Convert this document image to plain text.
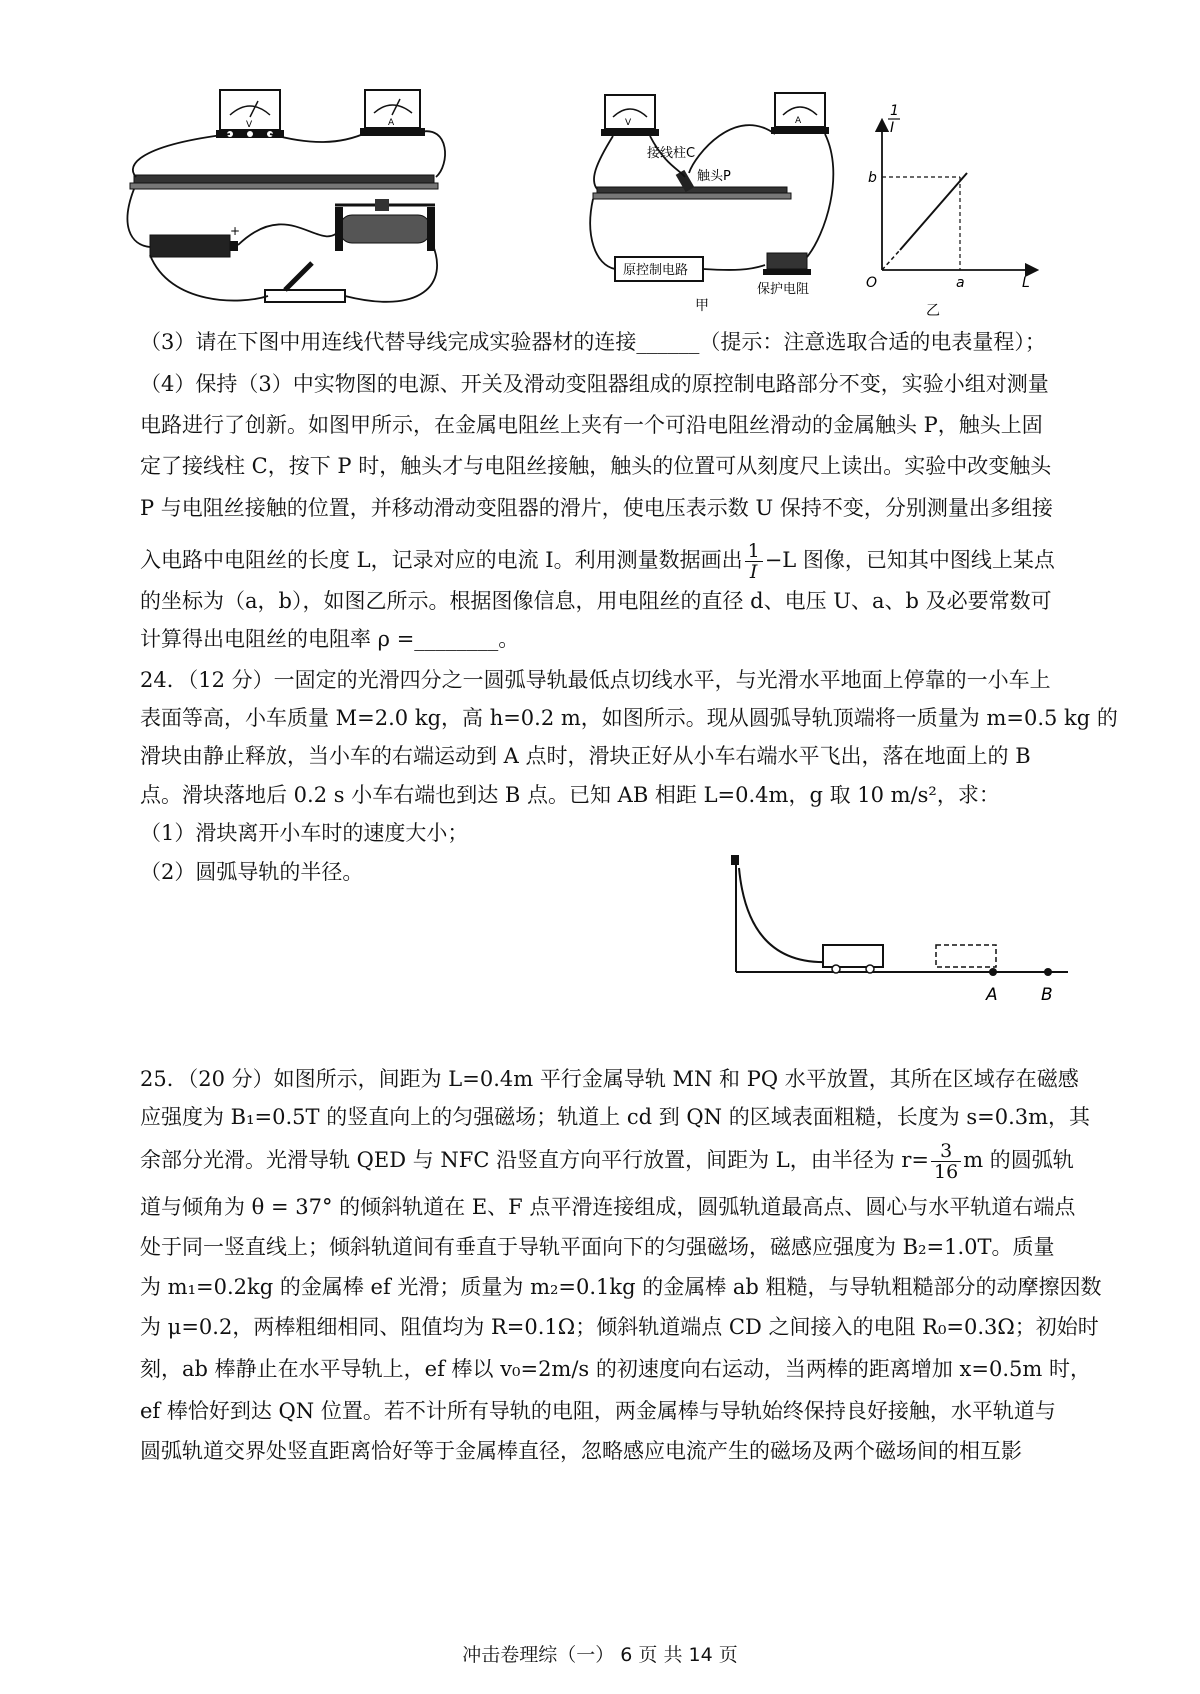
V	A
+
V	A
接线柱C
触头P
原控制电路
保护电阻
甲
1
I
b
O	a	L
乙
（3）请在下图中用连线代替导线完成实验器材的连接______（提示：注意选取合适的电表量程）；
（4）保持（3）中实物图的电源、开关及滑动变阻器组成的原控制电路部分不变，实验小组对测量
电路进行了创新。如图甲所示，在金属电阻丝上夹有一个可沿电阻丝滑动的金属触头 P，触头上固
定了接线柱 C，按下 P 时，触头才与电阻丝接触，触头的位置可从刻度尺上读出。实验中改变触头
P 与电阻丝接触的位置，并移动滑动变阻器的滑片，使电压表示数 U 保持不变，分别测量出多组接
入电路中电阻丝的长度 L，记录对应的电流 I。利用测量数据画出 $\frac{1}{I} -L$ 图像，已知其中图线上某点
的坐标为（a，b），如图乙所示。根据图像信息，用电阻丝的直径 d、电压 U、a、b 及必要常数可
计算得出电阻丝的电阻率 ρ =________。
24．（12 分）一固定的光滑四分之一圆弧导轨最低点切线水平，与光滑水平地面上停靠的一小车上
表面等高，小车质量 M=2.0 kg，高 h=0.2 m，如图所示。现从圆弧导轨顶端将一质量为 m=0.5 kg 的
滑块由静止释放，当小车的右端运动到 A 点时，滑块正好从小车右端水平飞出，落在地面上的 B
点。滑块落地后 0.2 s 小车右端也到达 B 点。已知 AB 相距 L=0.4m，g 取 10 m/s²，求：
（1）滑块离开小车时的速度大小；
（2）圆弧导轨的半径。
A	B
25．（20 分）如图所示，间距为 L=0.4m 平行金属导轨 MN 和 PQ 水平放置，其所在区域存在磁感
应强度为 B₁=0.5T 的竖直向上的匀强磁场；轨道上 cd 到 QN 的区域表面粗糙，长度为 s=0.3m，其
余部分光滑。光滑导轨 QED 与 NFC 沿竖直方向平行放置，间距为 L，由半径为 $r= \frac{3}{16}$ m 的圆弧轨
道与倾角为 θ = 37° 的倾斜轨道在 E、F 点平滑连接组成，圆弧轨道最高点、圆心与水平轨道右端点
处于同一竖直线上；倾斜轨道间有垂直于导轨平面向下的匀强磁场，磁感应强度为 B₂=1.0T。质量
为 m₁=0.2kg 的金属棒 ef 光滑；质量为 m₂=0.1kg 的金属棒 ab 粗糙，与导轨粗糙部分的动摩擦因数
为 μ=0.2，两棒粗细相同、阻值均为 R=0.1Ω；倾斜轨道端点 CD 之间接入的电阻 R₀=0.3Ω；初始时
刻，ab 棒静止在水平导轨上，ef 棒以 v₀=2m/s 的初速度向右运动，当两棒的距离增加 x=0.5m 时，
ef 棒恰好到达 QN 位置。若不计所有导轨的电阻，两金属棒与导轨始终保持良好接触，水平轨道与
圆弧轨道交界处竖直距离恰好等于金属棒直径，忽略感应电流产生的磁场及两个磁场间的相互影
冲击卷理综（一） 6 页 共 14 页
